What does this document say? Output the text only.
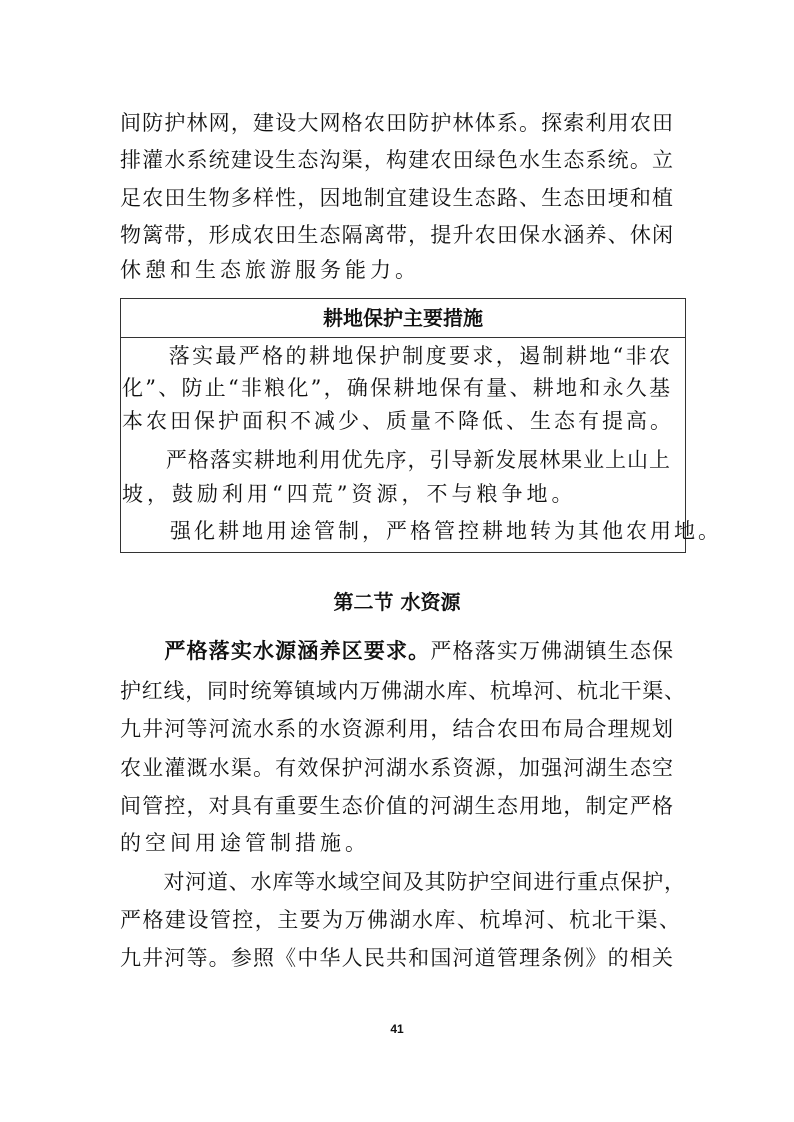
间防护林网，建设大网格农田防护林体系。探索利用农田
排灌水系统建设生态沟渠，构建农田绿色水生态系统。立
足农田生物多样性，因地制宜建设生态路、生态田埂和植
物篱带，形成农田生态隔离带，提升农田保水涵养、休闲
休憩和生态旅游服务能力。
耕地保护主要措施
　　落实最严格的耕地保护制度要求，遏制耕地“非农
化”、防止“非粮化”，确保耕地保有量、耕地和永久基
本农田保护面积不减少、质量不降低、生态有提高。
　　严格落实耕地利用优先序，引导新发展林果业上山上
坡，鼓励利用“四荒”资源，不与粮争地。
　　强化耕地用途管制，严格管控耕地转为其他农用地。
第二节 水资源
　　严格落实水源涵养区要求。严格落实万佛湖镇生态保
护红线，同时统筹镇域内万佛湖水库、杭埠河、杭北干渠、
九井河等河流水系的水资源利用，结合农田布局合理规划
农业灌溉水渠。有效保护河湖水系资源，加强河湖生态空
间管控，对具有重要生态价值的河湖生态用地，制定严格
的空间用途管制措施。
　　对河道、水库等水域空间及其防护空间进行重点保护，
严格建设管控，主要为万佛湖水库、杭埠河、杭北干渠、
九井河等。参照《中华人民共和国河道管理条例》的相关
41
